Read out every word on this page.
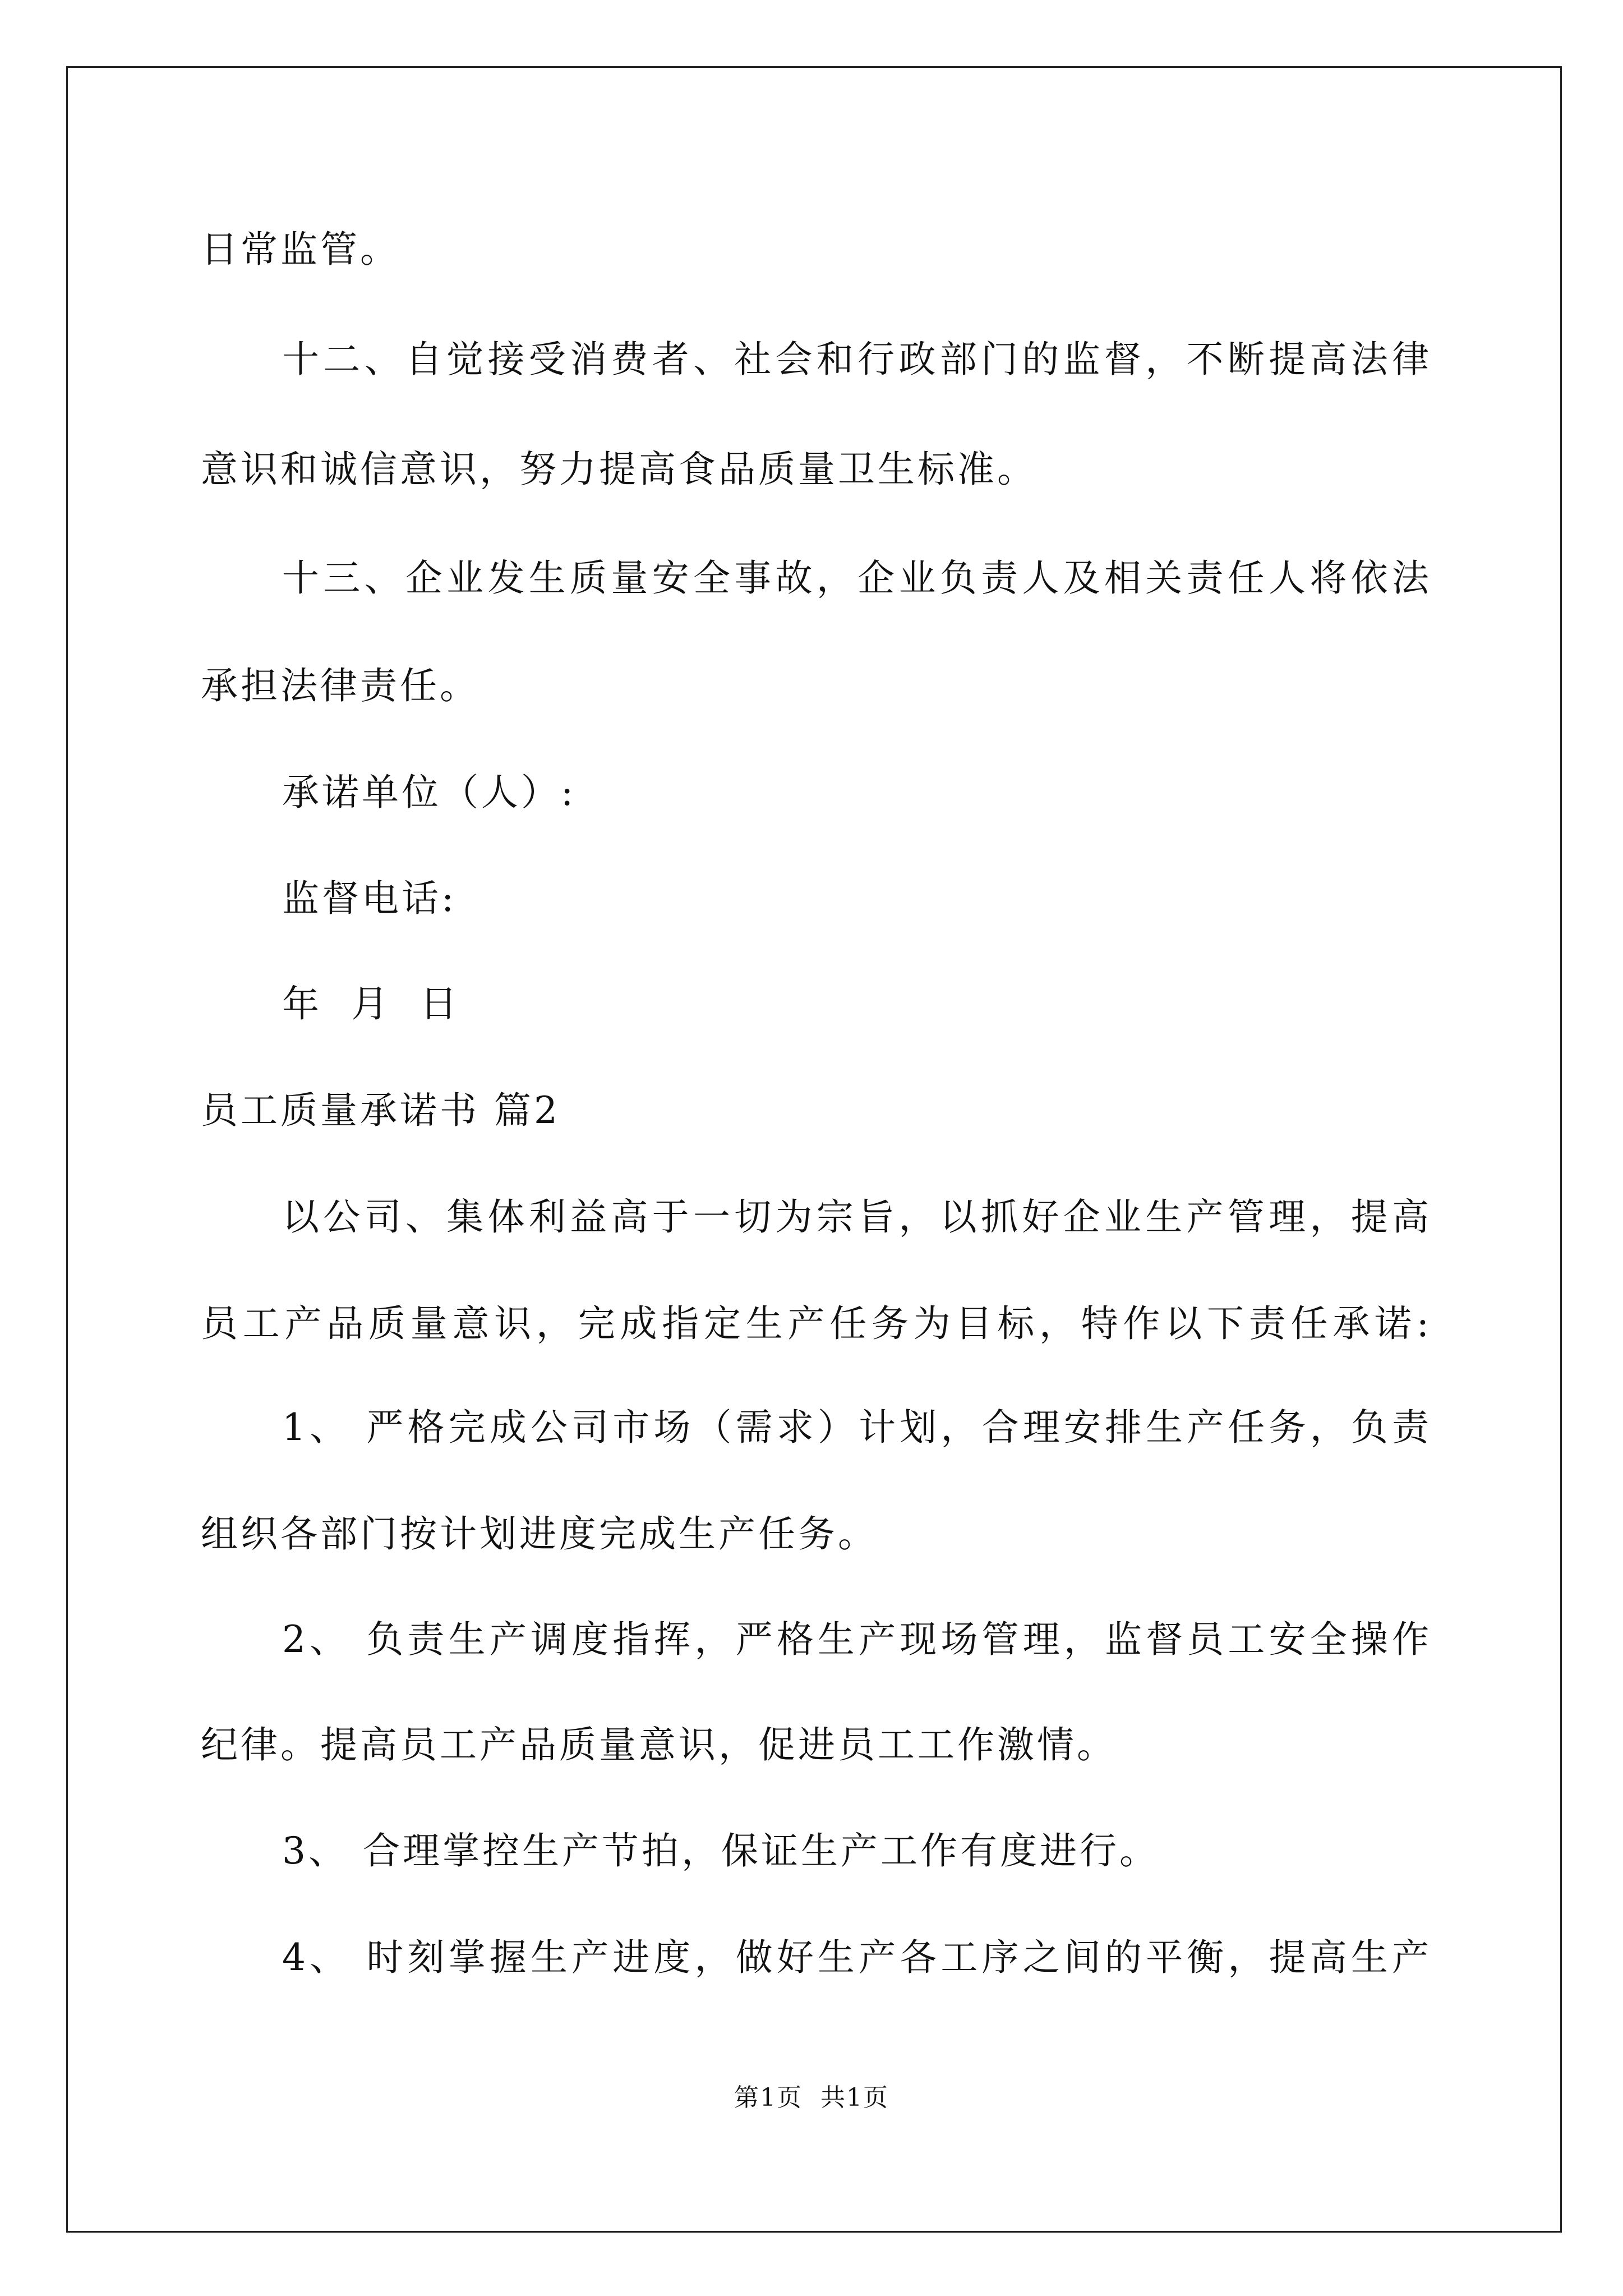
日常监管。
十二、自觉接受消费者、社会和行政部门的监督，不断提高法律
意识和诚信意识，努力提高食品质量卫生标准。
十三、企业发生质量安全事故，企业负责人及相关责任人将依法
承担法律责任。
承诺单位（人）:
监督电话:
年  月  日
员工质量承诺书 篇2
以公司、集体利益高于一切为宗旨，以抓好企业生产管理，提高
员工产品质量意识，完成指定生产任务为目标，特作以下责任承诺:
1、 严格完成公司市场（需求）计划，合理安排生产任务，负责
组织各部门按计划进度完成生产任务。
2、 负责生产调度指挥，严格生产现场管理，监督员工安全操作
纪律。提高员工产品质量意识，促进员工工作激情。
3、 合理掌控生产节拍，保证生产工作有度进行。
4、 时刻掌握生产进度，做好生产各工序之间的平衡，提高生产
第1页  共1页
